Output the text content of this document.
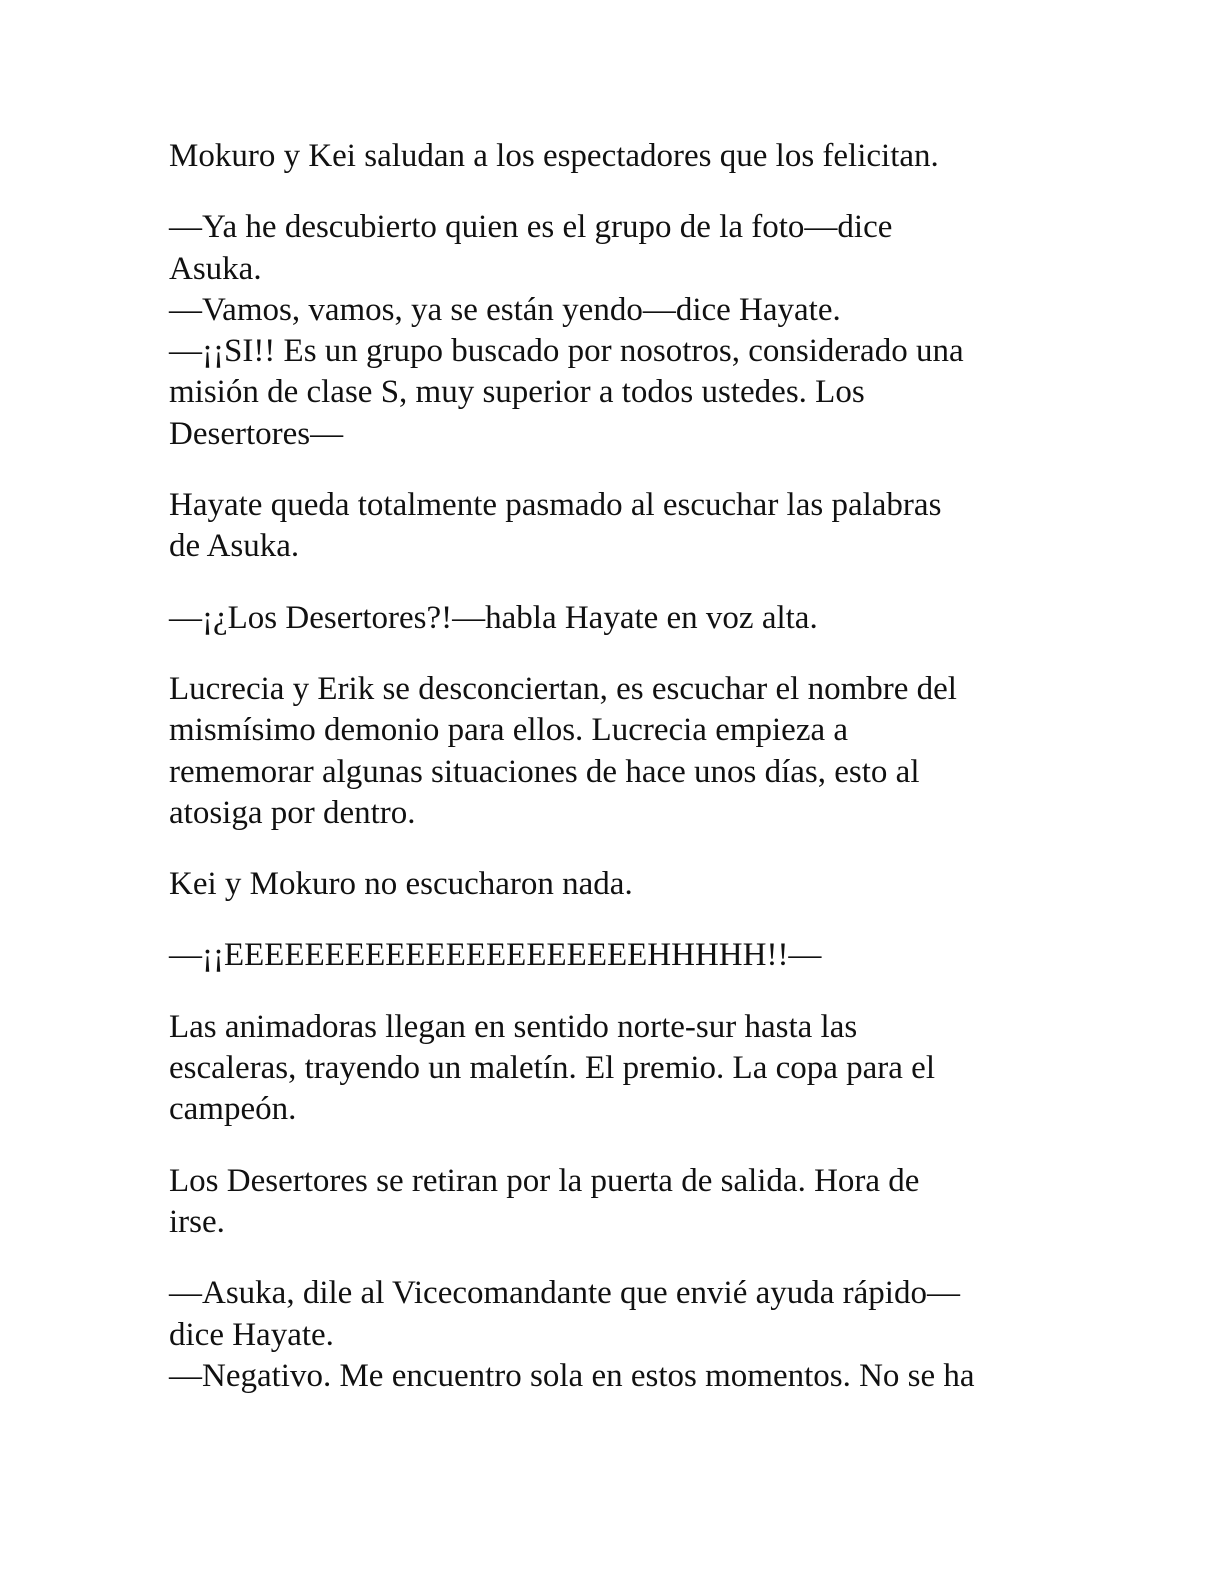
Mokuro y Kei saludan a los espectadores que los felicitan.

—Ya he descubierto quien es el grupo de la foto—dice
Asuka.
—Vamos, vamos, ya se están yendo—dice Hayate.
—¡¡SI!! Es un grupo buscado por nosotros, considerado una
misión de clase S, muy superior a todos ustedes. Los
Desertores—

Hayate queda totalmente pasmado al escuchar las palabras
de Asuka.

—¡¿Los Desertores?!—habla Hayate en voz alta.

Lucrecia y Erik se desconciertan, es escuchar el nombre del
mismísimo demonio para ellos. Lucrecia empieza a
rememorar algunas situaciones de hace unos días, esto al
atosiga por dentro.

Kei y Mokuro no escucharon nada.

—¡¡EEEEEEEEEEEEEEEEEEEEEHHHHH!!—

Las animadoras llegan en sentido norte-sur hasta las
escaleras, trayendo un maletín. El premio. La copa para el
campeón.

Los Desertores se retiran por la puerta de salida. Hora de
irse.

—Asuka, dile al Vicecomandante que envié ayuda rápido—
dice Hayate.
—Negativo. Me encuentro sola en estos momentos. No se ha
